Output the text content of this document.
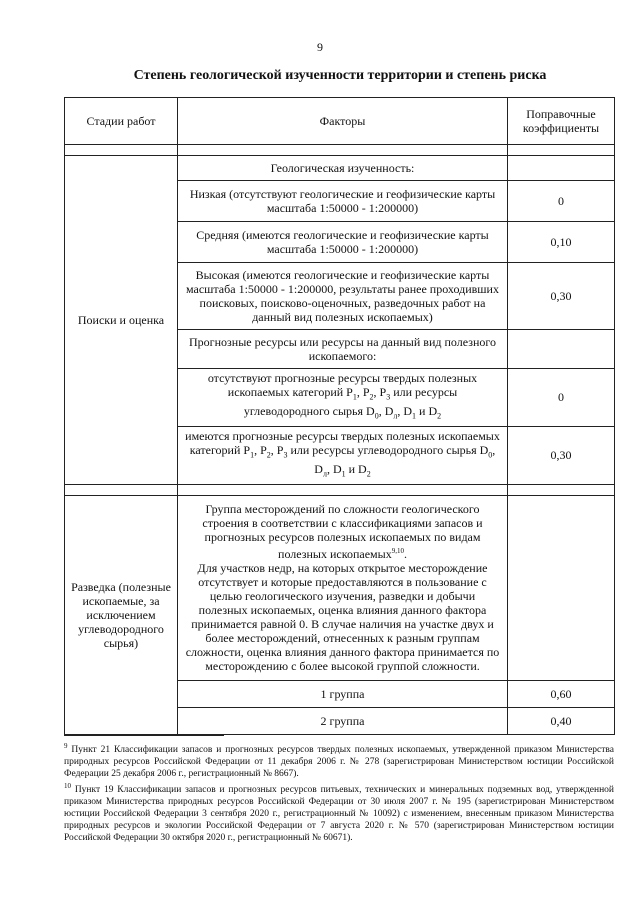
9
Степень геологической изученности территории и степень риска
Стадии работ	Факторы	Поправочные коэффициенты

Поиски и оценка	Геологическая изученность:	
	Низкая (отсутствуют геологические и геофизические карты масштаба 1:50000 - 1:200000)	0
	Средняя (имеются геологические и геофизические карты масштаба 1:50000 - 1:200000)	0,10
	Высокая (имеются геологические и геофизические карты масштаба 1:50000 - 1:200000, результаты ранее проходивших поисковых, поисково-оценочных, разведочных работ на данный вид полезных ископаемых)	0,30
	Прогнозные ресурсы или ресурсы на данный вид полезного ископаемого:	
	отсутствуют прогнозные ресурсы твердых полезных ископаемых категорий $P_1$, $P_2$, $P_3$ или ресурсы углеводородного сырья $D_0$, $D_л$, $D_1$ и $D_2$	0
	имеются прогнозные ресурсы твердых полезных ископаемых категорий $P_1$, $P_2$, $P_3$ или ресурсы углеводородного сырья $D_0$, $D_л$, $D_1$ и $D_2$	0,30

Разведка (полезные ископаемые, за исключением углеводородного сырья)	Группа месторождений по сложности геологического строения в соответствии с классификациями запасов и прогнозных ресурсов полезных ископаемых по видам полезных ископаемых$^{9,10}$.
Для участков недр, на которых открытое месторождение отсутствует и которые предоставляются в пользование с целью геологического изучения, разведки и добычи полезных ископаемых, оценка влияния данного фактора принимается равной 0. В случае наличия на участке двух и более месторождений, отнесенных к разным группам сложности, оценка влияния данного фактора принимается по месторождению с более высокой группой сложности.	

	1 группа	0,60
	2 группа	0,40

$^9$ Пункт 21 Классификации запасов и прогнозных ресурсов твердых полезных ископаемых, утвержденной приказом Министерства природных ресурсов Российской Федерации от 11 декабря 2006 г. № 278 (зарегистрирован Министерством юстиции Российской Федерации 25 декабря 2006 г., регистрационный № 8667).

$^{10}$ Пункт 19 Классификации запасов и прогнозных ресурсов питьевых, технических и минеральных подземных вод, утвержденной приказом Министерства природных ресурсов Российской Федерации от 30 июля 2007 г. № 195 (зарегистрирован Министерством юстиции Российской Федерации 3 сентября 2020 г., регистрационный № 10092) с изменением, внесенным приказом Министерства природных ресурсов и экологии Российской Федерации от 7 августа 2020 г. № 570 (зарегистрирован Министерством юстиции Российской Федерации 30 октября 2020 г., регистрационный № 60671).
